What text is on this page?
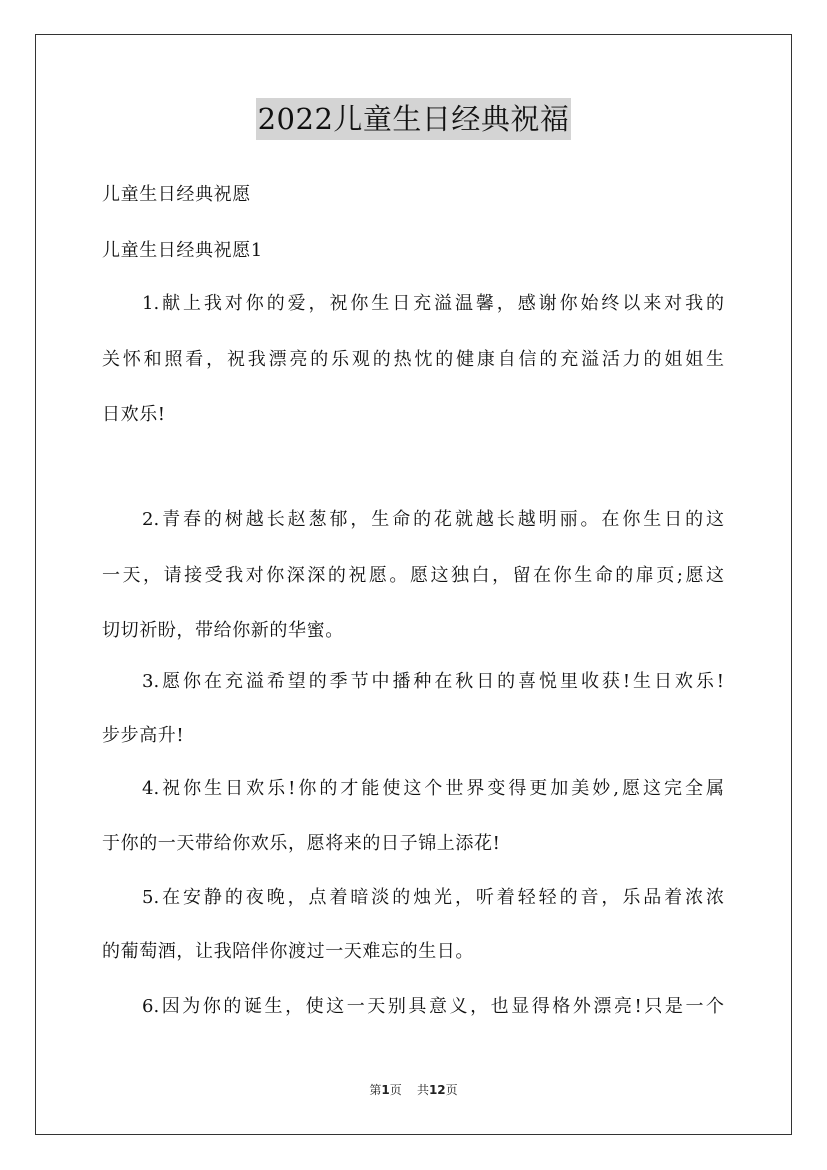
2022儿童生日经典祝福
儿童生日经典祝愿
儿童生日经典祝愿1
1.献上我对你的爱，祝你生日充溢温馨，感谢你始终以来对我的
关怀和照看，祝我漂亮的乐观的热忱的健康自信的充溢活力的姐姐生
日欢乐!
2.青春的树越长赵葱郁，生命的花就越长越明丽。在你生日的这
一天，请接受我对你深深的祝愿。愿这独白，留在你生命的扉页;愿这
切切祈盼，带给你新的华蜜。
3.愿你在充溢希望的季节中播种在秋日的喜悦里收获!生日欢乐!
步步高升!
4.祝你生日欢乐!你的才能使这个世界变得更加美妙,愿这完全属
于你的一天带给你欢乐，愿将来的日子锦上添花!
5.在安静的夜晚，点着暗淡的烛光，听着轻轻的音，乐品着浓浓
的葡萄酒，让我陪伴你渡过一天难忘的生日。
6.因为你的诞生，使这一天别具意义，也显得格外漂亮!只是一个
第1页    共12页
